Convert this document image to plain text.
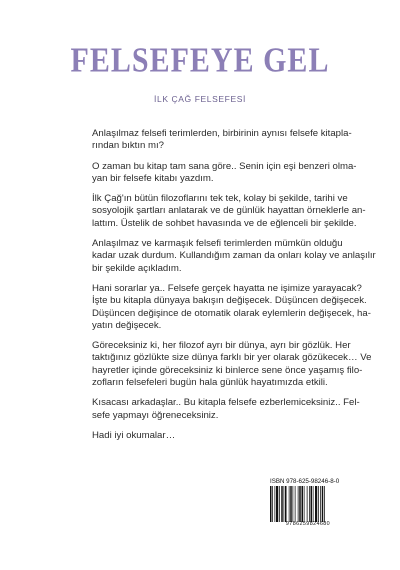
FELSEFEYE GEL
İLK ÇAĞ FELSEFESİ

Anlaşılmaz felsefi terimlerden, birbirinin aynısı felsefe kitapla-
rından bıktın mı?

O zaman bu kitap tam sana göre.. Senin için eşi benzeri olma-
yan bir felsefe kitabı yazdım.

İlk Çağ'ın bütün filozoflarını tek tek, kolay bi şekilde, tarihi ve
sosyolojik şartları anlatarak ve de günlük hayattan örneklerle an-
lattım. Üstelik de sohbet havasında ve de eğlenceli bir şekilde.

Anlaşılmaz ve karmaşık felsefi terimlerden mümkün olduğu
kadar uzak durdum. Kullandığım zaman da onları kolay ve anlaşılır
bir şekilde açıkladım.

Hani sorarlar ya.. Felsefe gerçek hayatta ne işimize yarayacak?
İşte bu kitapla dünyaya bakışın değişecek. Düşüncen değişecek.
Düşüncen değişince de otomatik olarak eylemlerin değişecek, ha-
yatın değişecek.

Göreceksiniz ki, her filozof ayrı bir dünya, ayrı bir gözlük. Her
taktığınız gözlükte size dünya farklı bir yer olarak gözükecek… Ve
hayretler içinde göreceksiniz ki binlerce sene önce yaşamış filo-
zofların felsefeleri bugün hala günlük hayatımızda etkili.

Kısacası arkadaşlar.. Bu kitapla felsefe ezberlemiceksiniz.. Fel-
sefe yapmayı öğreneceksiniz.

Hadi iyi okumalar…

ISBN 978-625-98246-8-0
9786259824680
